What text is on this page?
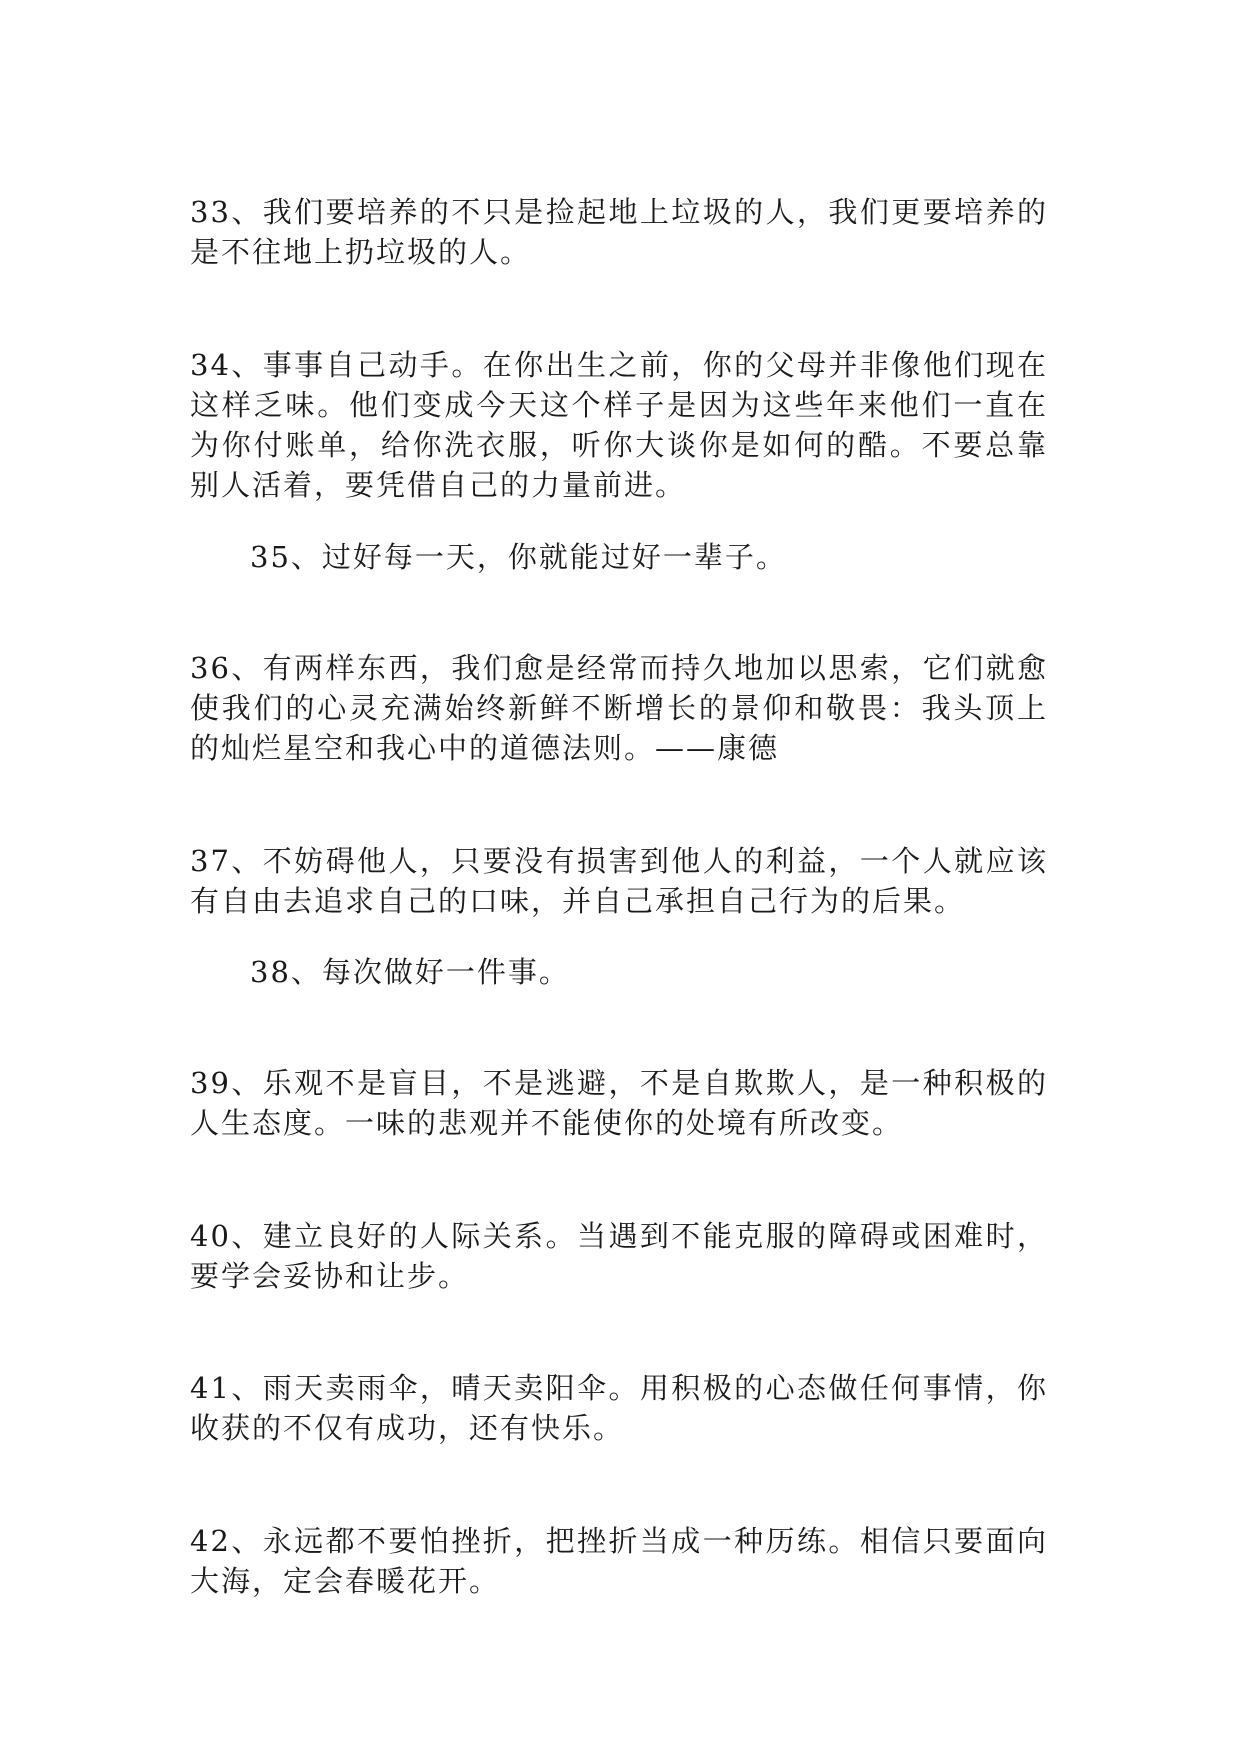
33、我们要培养的不只是捡起地上垃圾的人，我们更要培养的是不往地上扔垃圾的人。

34、事事自己动手。在你出生之前，你的父母并非像他们现在这样乏味。他们变成今天这个样子是因为这些年来他们一直在为你付账单，给你洗衣服，听你大谈你是如何的酷。不要总靠别人活着，要凭借自己的力量前进。

35、过好每一天，你就能过好一辈子。

36、有两样东西，我们愈是经常而持久地加以思索，它们就愈使我们的心灵充满始终新鲜不断增长的景仰和敬畏：我头顶上的灿烂星空和我心中的道德法则。——康德

37、不妨碍他人，只要没有损害到他人的利益，一个人就应该有自由去追求自己的口味，并自己承担自己行为的后果。

38、每次做好一件事。

39、乐观不是盲目，不是逃避，不是自欺欺人，是一种积极的人生态度。一味的悲观并不能使你的处境有所改变。

40、建立良好的人际关系。当遇到不能克服的障碍或困难时，要学会妥协和让步。

41、雨天卖雨伞，晴天卖阳伞。用积极的心态做任何事情，你收获的不仅有成功，还有快乐。

42、永远都不要怕挫折，把挫折当成一种历练。相信只要面向大海，定会春暖花开。
